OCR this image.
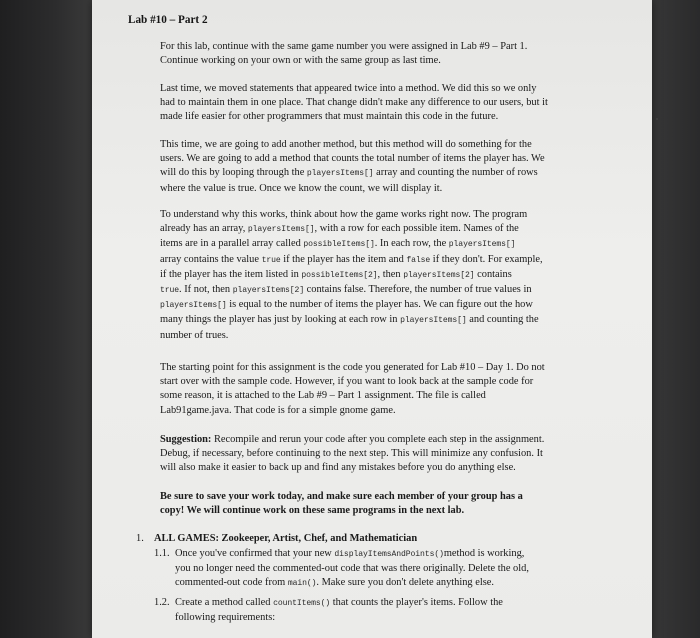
Lab #10 – Part 2

For this lab, continue with the same game number you were assigned in Lab #9 – Part 1.
Continue working on your own or with the same group as last time.

Last time, we moved statements that appeared twice into a method. We did this so we only
had to maintain them in one place. That change didn't make any difference to our users, but it
made life easier for other programmers that must maintain this code in the future.

This time, we are going to add another method, but this method will do something for the
users. We are going to add a method that counts the total number of items the player has. We
will do this by looping through the playersItems[] array and counting the number of rows
where the value is true. Once we know the count, we will display it.

To understand why this works, think about how the game works right now. The program
already has an array, playersItems[], with a row for each possible item. Names of the
items are in a parallel array called possibleItems[]. In each row, the playersItems[]
array contains the value true if the player has the item and false if they don't. For example,
if the player has the item listed in possibleItems[2], then playersItems[2] contains
true. If not, then playersItems[2] contains false. Therefore, the number of true values in
playersItems[] is equal to the number of items the player has. We can figure out the how
many things the player has just by looking at each row in playersItems[] and counting the
number of trues.

The starting point for this assignment is the code you generated for Lab #10 – Day 1. Do not
start over with the sample code. However, if you want to look back at the sample code for
some reason, it is attached to the Lab #9 – Part 1 assignment. The file is called
Lab91game.java. That code is for a simple gnome game.

Suggestion: Recompile and rerun your code after you complete each step in the assignment.
Debug, if necessary, before continuing to the next step. This will minimize any confusion. It
will also make it easier to back up and find any mistakes before you do anything else.

Be sure to save your work today, and make sure each member of your group has a
copy! We will continue work on these same programs in the next lab.

1. ALL GAMES: Zookeeper, Artist, Chef, and Mathematician
1.1. Once you've confirmed that your new displayItemsAndPoints()method is working,
you no longer need the commented-out code that was there originally. Delete the old,
commented-out code from main(). Make sure you don't delete anything else.
1.2. Create a method called countItems() that counts the player's items. Follow the
following requirements:
